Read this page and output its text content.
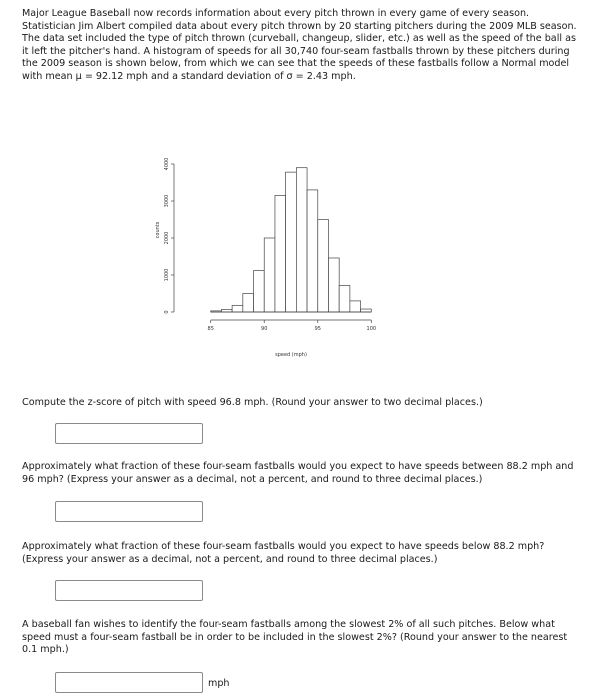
Major League Baseball now records information about every pitch thrown in every game of every season. Statistician Jim Albert compiled data about every pitch thrown by 20 starting pitchers during the 2009 MLB season. The data set included the type of pitch thrown (curveball, changeup, slider, etc.) as well as the speed of the ball as it left the pitcher's hand. A histogram of speeds for all 30,740 four-seam fastballs thrown by these pitchers during the 2009 season is shown below, from which we can see that the speeds of these fastballs follow a Normal model with mean μ = 92.12 mph and a standard deviation of σ = 2.43 mph.

85	90	95	100
0
1000
2000
3000
4000
speed (mph)
counts

Compute the z-score of pitch with speed 96.8 mph. (Round your answer to two decimal places.)

Approximately what fraction of these four-seam fastballs would you expect to have speeds between 88.2 mph and 96 mph? (Express your answer as a decimal, not a percent, and round to three decimal places.)

Approximately what fraction of these four-seam fastballs would you expect to have speeds below 88.2 mph? (Express your answer as a decimal, not a percent, and round to three decimal places.)

A baseball fan wishes to identify the four-seam fastballs among the slowest 2% of all such pitches. Below what speed must a four-seam fastball be in order to be included in the slowest 2%? (Round your answer to the nearest 0.1 mph.)

mph
